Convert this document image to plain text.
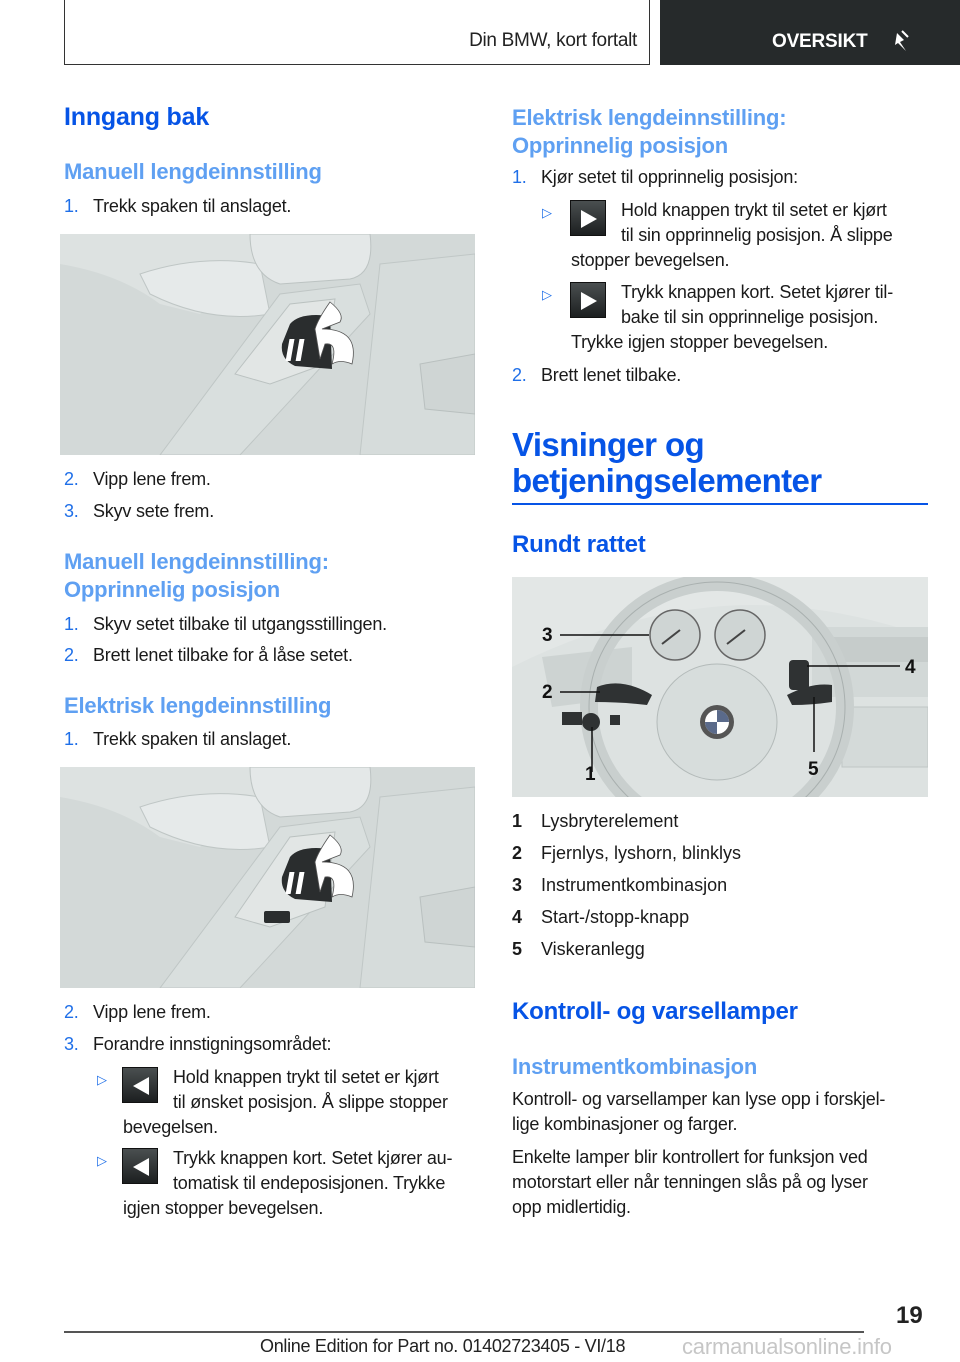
Din BMW, kort fortalt	OVERSIKT
Inngang bak
Manuell lengdeinnstilling
1. Trekk spaken til anslaget.
2. Vipp lene frem.
3. Skyv sete frem.
Manuell lengdeinnstilling:
Opprinnelig posisjon
1. Skyv setet tilbake til utgangsstillingen.
2. Brett lenet tilbake for å låse setet.
Elektrisk lengdeinnstilling
1. Trekk spaken til anslaget.
2. Vipp lene frem.
3. Forandre innstigningsområdet:
▷	Hold knappen trykt til setet er kjørt
til ønsket posisjon. Å slippe stopper
bevegelsen.
▷	Trykk knappen kort. Setet kjører au-
tomatisk til endeposisjonen. Trykke
igjen stopper bevegelsen.
Elektrisk lengdeinnstilling:
Opprinnelig posisjon
1. Kjør setet til opprinnelig posisjon:
▷	Hold knappen trykt til setet er kjørt
til sin opprinnelig posisjon. Å slippe
stopper bevegelsen.
▷	Trykk knappen kort. Setet kjører til-
bake til sin opprinnelige posisjon.
Trykke igjen stopper bevegelsen.
2. Brett lenet tilbake.
Visninger og
betjeningselementer
Rundt rattet
3
2
1
4
5
1 Lysbryterelement
2 Fjernlys, lyshorn, blinklys
3 Instrumentkombinasjon
4 Start-/stopp-knapp
5 Viskeranlegg
Kontroll- og varsellamper
Instrumentkombinasjon
Kontroll- og varsellamper kan lyse opp i forskjel-
lige kombinasjoner og farger.
Enkelte lamper blir kontrollert for funksjon ved
motorstart eller når tenningen slås på og lyser
opp midlertidig.
19
Online Edition for Part no. 01402723405 - VI/18	carmanualsonline.info
